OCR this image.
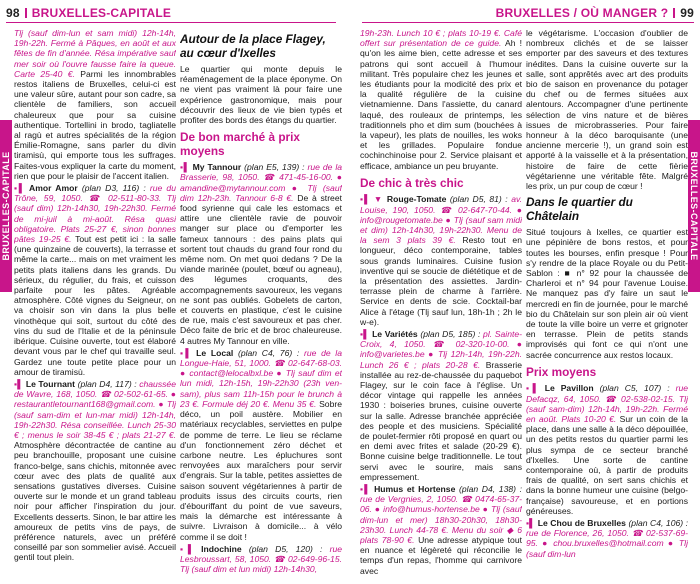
98 BRUXELLES-CAPITALE	BRUXELLES / OÙ MANGER ? 99
BRUXELLES-CAPITALE	BRUXELLES-CAPITALE

Tlj (sauf dim-lun et sam midi) 12h-14h, 19h-22h. Fermé à Pâques, en août et aux fêtes de fin d'année. Résa impérative sauf mer soir où l'ouvre fausse faire la queue. Carte 25-40 €. Parmi les innombrables restos italiens de Bruxelles, celui-ci est une valeur sûre, autant pour son cadre, sa clientèle de familiers, son accueil chaleureux que pour sa cuisine authentique. Tortellini in brodo, tagliatelle al ragù et autres spécialités de la région Émilie-Romagne, sans parler du divin tiramisù, qui emporte tous les suffrages. Faites-vous expliquer la carte du moment, rien que pour le plaisir de l'accent italien.

▪▌ Amor Amor (plan D3, 116) : rue du Trône, 59, 1050. ☎ 02-511-80-33. Tlj (sauf dim) 12h-14h30, 19h-22h30. Fermé de mi-juil à mi-août. Résa quasi obligatoire. Plats 25-27 €, sinon bonnes pâtes 19-25 €. Tout est petit ici : la salle (une quinzaine de couverts), la terrasse et même la carte... mais on met vraiment les petits plats italiens dans les grands. Du sérieux, du régulier, du frais, et cuisson parfaite pour les pâtes. Agréable atmosphère. Côté vignes du Seigneur, on va choisir son vin dans la plus belle vinothèque qui soit, surtout du côté des vins du sud de l'Italie et de la péninsule ibérique. Cuisine ouverte, tout est élaboré devant vous par le chef qui travaille seul. Gardez une toute petite place pour un amour de tiramisù.

▪▌ Le Tournant (plan D4, 117) : chaussée de Wavre, 168, 1050. ☎ 02-502-61-65. ● restaurantletournant168@gmail.com. ● Tlj (sauf sam-dim et lun-mar midi) 12h-14h, 19h-22h30. Résa conseillée. Lunch 25-30 € ; menus le soir 38-45 € ; plats 21-27 €. Atmosphère décontractée de cantine au peu branchouille, proposant une cuisine franco-belge, sans chichis, mitonnée avec cœur avec des plats de qualité aux sensations gustatives diverses. Cuisine ouverte sur le monde et un grand tableau noir pour afficher l'inspiration du jour. Excellents desserts. Sinon, le bar attire les amoureux de petits vins de pays, de préférence naturels, avec un préféré conseillé par son sommelier avisé. Accueil gentil tout plein.

Autour de la place Flagey, au cœur d'Ixelles

Le quartier qui monte depuis le réaménagement de la place éponyme. On ne vient pas vraiment là pour faire une expérience gastronomique, mais pour découvrir des lieux de vie bien typés et profiter des bords des étangs du quartier.

De bon marché à prix moyens

▪▌ My Tannour (plan E5, 139) : rue de la Brasserie, 98, 1050. ☎ 471-45-16-00. ● amandine@mytannour.com ● Tlj (sauf dim 12h-23h. Tannour 6-8 €. De à street food syrienne qui cale les estomacs et attire une clientèle ravie de pouvoir manger sur place ou d'emporter les fameux tannours : des pains plats qui sortent tout chauds du grand four rond du même nom. On met quoi dedans ? De la viande marinée (poulet, bœuf ou agneau), des légumes croquants, des accompagnements savoureux, les vegans ne sont pas oubliés. Gobelets de carton, et couverts en plastique, c'est le cuisine de rue, mais c'est savoureux et pas cher. Déco faite de bric et de broc chaleureuse. 4 autres My Tannour en ville.

▪▌ Le Local (plan C4, 76) : rue de la Longue-Haie, 51, 1000. ☎ 02-647-68-03. ● contact@lelocalbxl.be ● Tlj sauf dim et lun midi, 12h-15h, 19h-22h30 (23h ven-sam), plus sam 11h-15h pour le brunch à 23 €. Formule déj 20 €. Menu 35 €. Sobre déco, un poil austère. Mobilier en matériaux recyclables, serviettes en pulpe de pomme de terre. Le lieu se réclame d'un fonctionnement zéro déchet et carbone neutre. Les épluchures sont renvoyées aux maraîchers pour servir d'engrais. Sur la table, petites assiettes de saison souvent végétariennes à partir de produits issus des circuits courts, rien d'ébouriffant du point de vue saveurs, mais la démarche est intéressante à suivre. Livraison à domicile... à vélo comme il se doit !

▪▌ Indochine (plan D5, 120) : rue Lesbroussart, 58, 1050. ☎ 02-649-96-15. Tlj (sauf dim et lun midi) 12h-14h30,

19h-23h. Lunch 10 € ; plats 10-19 €. Café offert sur présentation de ce guide. Ah ! qu'on les aime bien, cette adresse et ses patrons qui sont accueil à l'humour militant. Très populaire chez les jeunes et les étudiants pour la modicité des prix et la qualité régulière de la cuisine vietnamienne. Dans l'assiette, du canard laqué, des rouleaux de printemps, les traditionnels pho et dim sum (bouchées à la vapeur), les plats de nouilles, les woks et les grillades. Populaire fondue cochinchinoise pour 2. Service plaisant et efficace, ambiance un peu bruyante.

De chic à très chic

▪▌ ▼ Rouge-Tomate (plan D5, 81) : av. Louise, 190, 1050. ☎ 02-647-70-44. ● info@rougetomate.be ● Tlj (sauf sam midi et dim) 12h-14h30, 19h-22h30. Menu de la sem 3 plats 39 €. Resto tout en longueur, déco contemporaine, tables sous grands luminaires. Cuisine fusion inventive qui se soucie de diététique et de la présentation des assiettes. Jardin-terrasse plein de charme à l'arrière. Service en dents de scie. Cocktail-bar Alice à l'étage (Tlj sauf lun, 18h-1h ; 2h le w-e).

▪▌ Le Variétés (plan D5, 185) : pl. Sainte-Croix, 4, 1050. ☎ 02-320-10-00. ● info@varietes.be ● Tlj 12h-14h, 19h-22h. Lunch 26 € ; plats 20-28 €. Brasserie installée au rez-de-chaussée du paquebot Flagey, sur le coin face à l'église. Un décor vintage qui rappelle les années 1930 : boiseries brunes, cuisine ouverte sur la salle. Adresse branchée appréciée des people et des musiciens. Spécialité de poulet-fermier rôti proposé en quart ou en demi avec frites et salade (20-29 €). Bonne cuisine belge traditionnelle. Le tout servi avec le sourire, mais sans empressement.

▪▌ Humus et Hortense (plan D4, 138) : rue de Vergnies, 2, 1050. ☎ 0474-65-37-06. ● info@humus-hortense.be ● Tlj (sauf dim-lun et mer) 18h30-20h30, 18h30-23h30. Lunch 44-78 €. Menu du soir ◆ 6 plats 78-90 €. Une adresse atypique tout en nuance et légèreté qui réconcilie le temps d'un repas, l'homme qui carnivore avec

le végétarisme. L'occasion d'oublier de nombreux clichés et de se laisser emporter par des saveurs et des textures inédites. Dans la cuisine ouverte sur la salle, sont apprêtés avec art des produits bio de saison en provenance du potager du chef ou de fermes situées aux alentours. Accompagner d'une pertinente sélection de vins nature et de bières issues de microbrasseries. Pour faire honneur à la déco baroquisante (une ancienne mercerie !), un grand soin est apporté à la vaisselle et à la présentation, histoire de faire de cette fièrie végétarienne une véritable fête. Malgré les prix, un pur coup de cœur !

Dans le quartier du Châtelain

Situé toujours à Ixelles, ce quartier est une pépinière de bons restos, et pour toutes les bourses, enfin presque ! Pour s'y rendre de la place Royale ou du Petit-Sablon : ■ n° 92 pour la chaussée de Charleroi et n° 94 pour l'avenue Louise. Ne manquez pas d'y faire un saut le mercredi en fin de journée, pour le marché bio du Châtelain sur son plein air où vient de toute la ville boire un verre et grignoter en terrasse. Plein de petits stands improvisés qui font ce qui n'ont une sacrée concurrence aux restos locaux.

Prix moyens

▪▌ Le Pavillon (plan C5, 107) : rue Defacqz, 64, 1050. ☎ 02-538-02-15. Tlj (sauf sam-dim) 12h-14h, 19h-22h. Fermé en août. Plats 10-20 €. Sur un coin de la place, dans une salle à la déco dépouillée, un des petits restos du quartier parmi les plus sympa de ce secteur branché d'Ixelles. Une sorte de cantine contemporaine où, à partir de produits frais de qualité, on sert sans chichis et dans la bonne humeur une cuisine (belgo-française) savoureuse, et en portions généreuses.

▪▌ Le Chou de Bruxelles (plan C4, 106) : rue de Florence, 26, 1050. ☎ 02-537-69-95. ● chou.bruxelles@hotmail.com ● Tlj (sauf dim-lun
